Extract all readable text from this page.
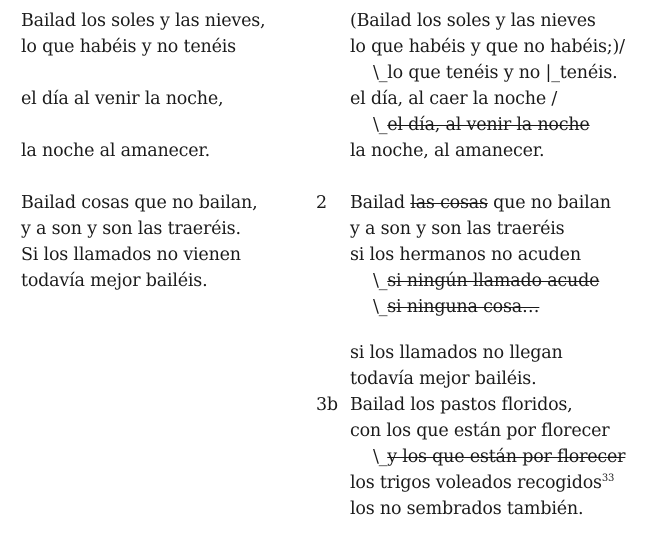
Bailad los soles y las nieves,
lo que habéis y no tenéis
el día al venir la noche,
la noche al amanecer.
Bailad cosas que no bailan,
y a son y son las traeréis.
Si los llamados no vienen
todavía mejor bailéis.
(Bailad los soles y las nieves
lo que habéis y que no habéis;)/
\_lo que tenéis y no |_tenéis.
el día, al caer la noche /
\_el día, al venir la noche
la noche, al amanecer.
2 Bailad las cosas que no bailan
y a son y son las traeréis
si los hermanos no acuden
\_si ningún llamado acude
\_si ninguna cosa…
si los llamados no llegan
todavía mejor bailéis.
3b Bailad los pastos floridos,
con los que están por florecer
\_y los que están por florecer
los trigos voleados recogidos$^{33}$
los no sembrados también.
